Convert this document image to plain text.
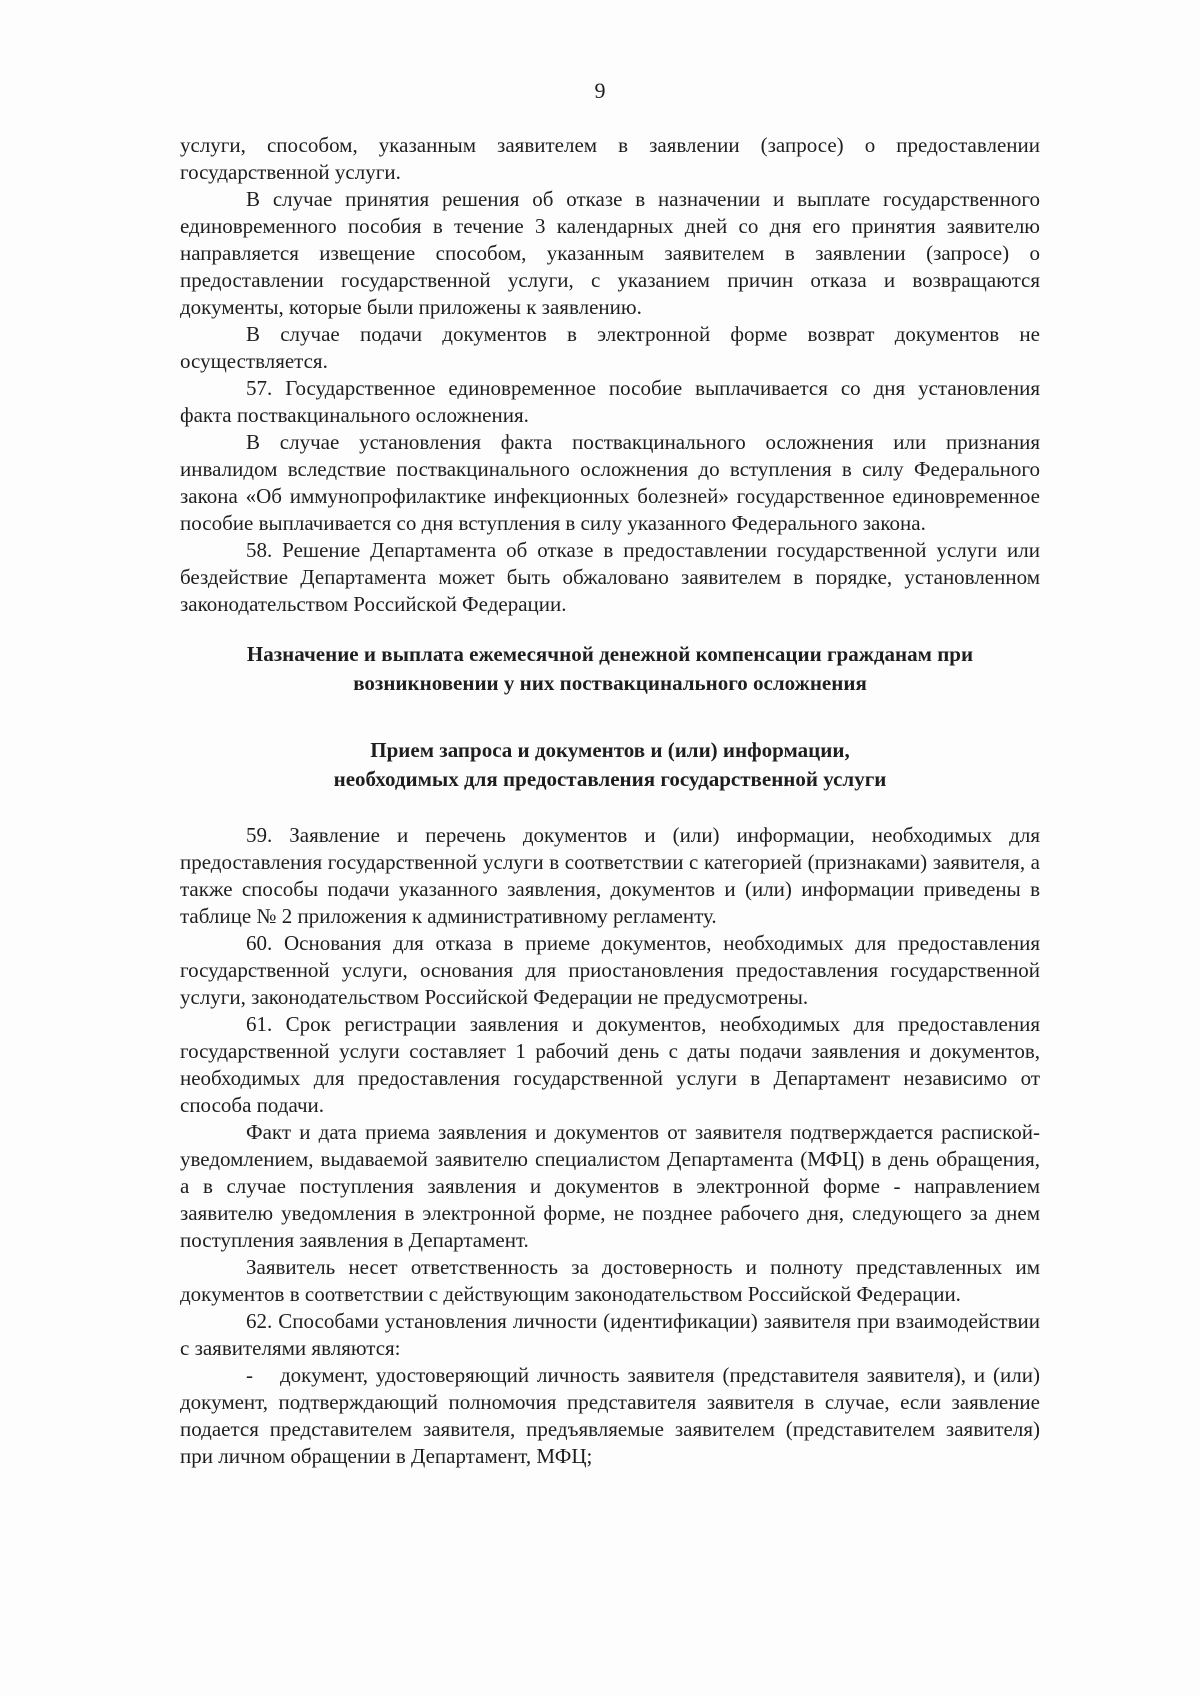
9

услуги, способом, указанным заявителем в заявлении (запросе) о предоставлении государственной услуги.

В случае принятия решения об отказе в назначении и выплате государственного единовременного пособия в течение 3 календарных дней со дня его принятия заявителю направляется извещение способом, указанным заявителем в заявлении (запросе) о предоставлении государственной услуги, с указанием причин отказа и возвращаются документы, которые были приложены к заявлению.

В случае подачи документов в электронной форме возврат документов не осуществляется.

57. Государственное единовременное пособие выплачивается со дня установления факта поствакцинального осложнения.

В случае установления факта поствакцинального осложнения или признания инвалидом вследствие поствакцинального осложнения до вступления в силу Федерального закона «Об иммунопрофилактике инфекционных болезней» государственное единовременное пособие выплачивается со дня вступления в силу указанного Федерального закона.

58. Решение Департамента об отказе в предоставлении государственной услуги или бездействие Департамента может быть обжаловано заявителем в порядке, установленном законодательством Российской Федерации.

Назначение и выплата ежемесячной денежной компенсации гражданам при
возникновении у них поствакцинального осложнения
Прием запроса и документов и (или) информации,
необходимых для предоставления государственной услуги

59. Заявление и перечень документов и (или) информации, необходимых для предоставления государственной услуги в соответствии с категорией (признаками) заявителя, а также способы подачи указанного заявления, документов и (или) информации приведены в таблице № 2 приложения к административному регламенту.

60. Основания для отказа в приеме документов, необходимых для предоставления государственной услуги, основания для приостановления предоставления государственной услуги, законодательством Российской Федерации не предусмотрены.

61. Срок регистрации заявления и документов, необходимых для предоставления государственной услуги составляет 1 рабочий день с даты подачи заявления и документов, необходимых для предоставления государственной услуги в Департамент независимо от способа подачи.

Факт и дата приема заявления и документов от заявителя подтверждается распиской-уведомлением, выдаваемой заявителю специалистом Департамента (МФЦ) в день обращения, а в случае поступления заявления и документов в электронной форме - направлением заявителю уведомления в электронной форме, не позднее рабочего дня, следующего за днем поступления заявления в Департамент.

Заявитель несет ответственность за достоверность и полноту представленных им документов в соответствии с действующим законодательством Российской Федерации.

62. Способами установления личности (идентификации) заявителя при взаимодействии с заявителями являются:

- документ, удостоверяющий личность заявителя (представителя заявителя), и (или) документ, подтверждающий полномочия представителя заявителя в случае, если заявление подается представителем заявителя, предъявляемые заявителем (представителем заявителя) при личном обращении в Департамент, МФЦ;
